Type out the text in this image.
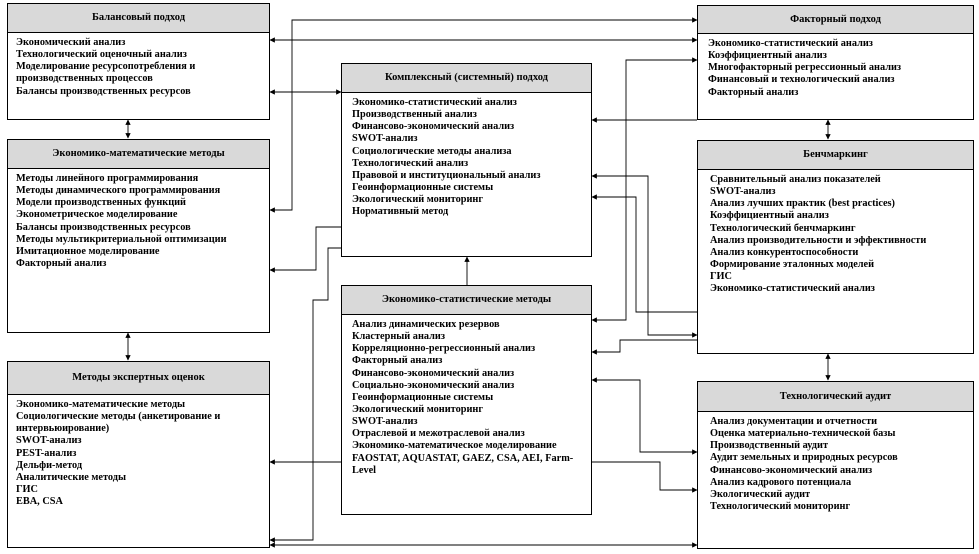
Балансовый подход
Экономический анализ
Технологический оценочный анализ
Моделирование ресурсопотребления и производственных процессов
Балансы производственных ресурсов
Экономико-математические методы
Методы линейного программирования
Методы динамического программирования
Модели производственных функций
Эконометрическое моделирование
Балансы производственных ресурсов
Методы мультикритериальной оптимизации
Имитационное моделирование
Факторный анализ
Методы экспертных оценок
Экономико-математические методы
Социологические методы (анкетирование и интервьюирование)
SWOT-анализ
PEST-анализ
Дельфи-метод
Аналитические методы
ГИС
EBA, CSA
Комплексный (системный) подход
Экономико-статистический анализ
Производственный анализ
Финансово-экономический анализ
SWOT-анализ
Социологические методы анализа
Технологический анализ
Правовой и институциональный анализ
Геоинформационные системы
Экологический мониторинг
Нормативный метод
Экономико-статистические методы
Анализ динамических резервов
Кластерный анализ
Корреляционно-регрессионный анализ
Факторный анализ
Финансово-экономический анализ
Социально-экономический анализ
Геоинформационные системы
Экологический мониторинг
SWOT-анализ
Отраслевой и межотраслевой анализ
Экономико-математическое моделирование
FAOSTAT, AQUASTAT, GAEZ, CSA, AEI, Farm-Level
Факторный подход
Экономико-статистический анализ
Коэффициентный анализ
Многофакторный регрессионный анализ
Финансовый и технологический анализ
Факторный анализ
Бенчмаркинг
Сравнительный анализ показателей
SWOT-анализ
Анализ лучших практик (best practices)
Коэффициентный анализ
Технологический бенчмаркинг
Анализ производительности и эффективности
Анализ конкурентоспособности
Формирование эталонных моделей
ГИС
Экономико-статистический анализ
Технологический аудит
Анализ документации и отчетности
Оценка материально-технической базы
Производственный аудит
Аудит земельных и природных ресурсов
Финансово-экономический анализ
Анализ кадрового потенциала
Экологический аудит
Технологический мониторинг
